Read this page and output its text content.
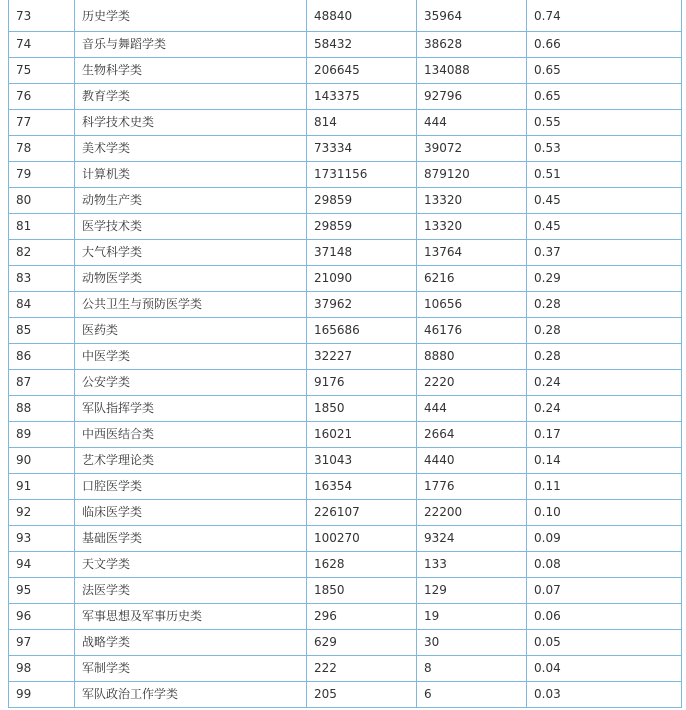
73	历史学类	48840	35964	0.74
74	音乐与舞蹈学类	58432	38628	0.66
75	生物科学类	206645	134088	0.65
76	教育学类	143375	92796	0.65
77	科学技术史类	814	444	0.55
78	美术学类	73334	39072	0.53
79	计算机类	1731156	879120	0.51
80	动物生产类	29859	13320	0.45
81	医学技术类	29859	13320	0.45
82	大气科学类	37148	13764	0.37
83	动物医学类	21090	6216	0.29
84	公共卫生与预防医学类	37962	10656	0.28
85	医药类	165686	46176	0.28
86	中医学类	32227	8880	0.28
87	公安学类	9176	2220	0.24
88	军队指挥学类	1850	444	0.24
89	中西医结合类	16021	2664	0.17
90	艺术学理论类	31043	4440	0.14
91	口腔医学类	16354	1776	0.11
92	临床医学类	226107	22200	0.10
93	基础医学类	100270	9324	0.09
94	天文学类	1628	133	0.08
95	法医学类	1850	129	0.07
96	军事思想及军事历史类	296	19	0.06
97	战略学类	629	30	0.05
98	军制学类	222	8	0.04
99	军队政治工作学类	205	6	0.03
